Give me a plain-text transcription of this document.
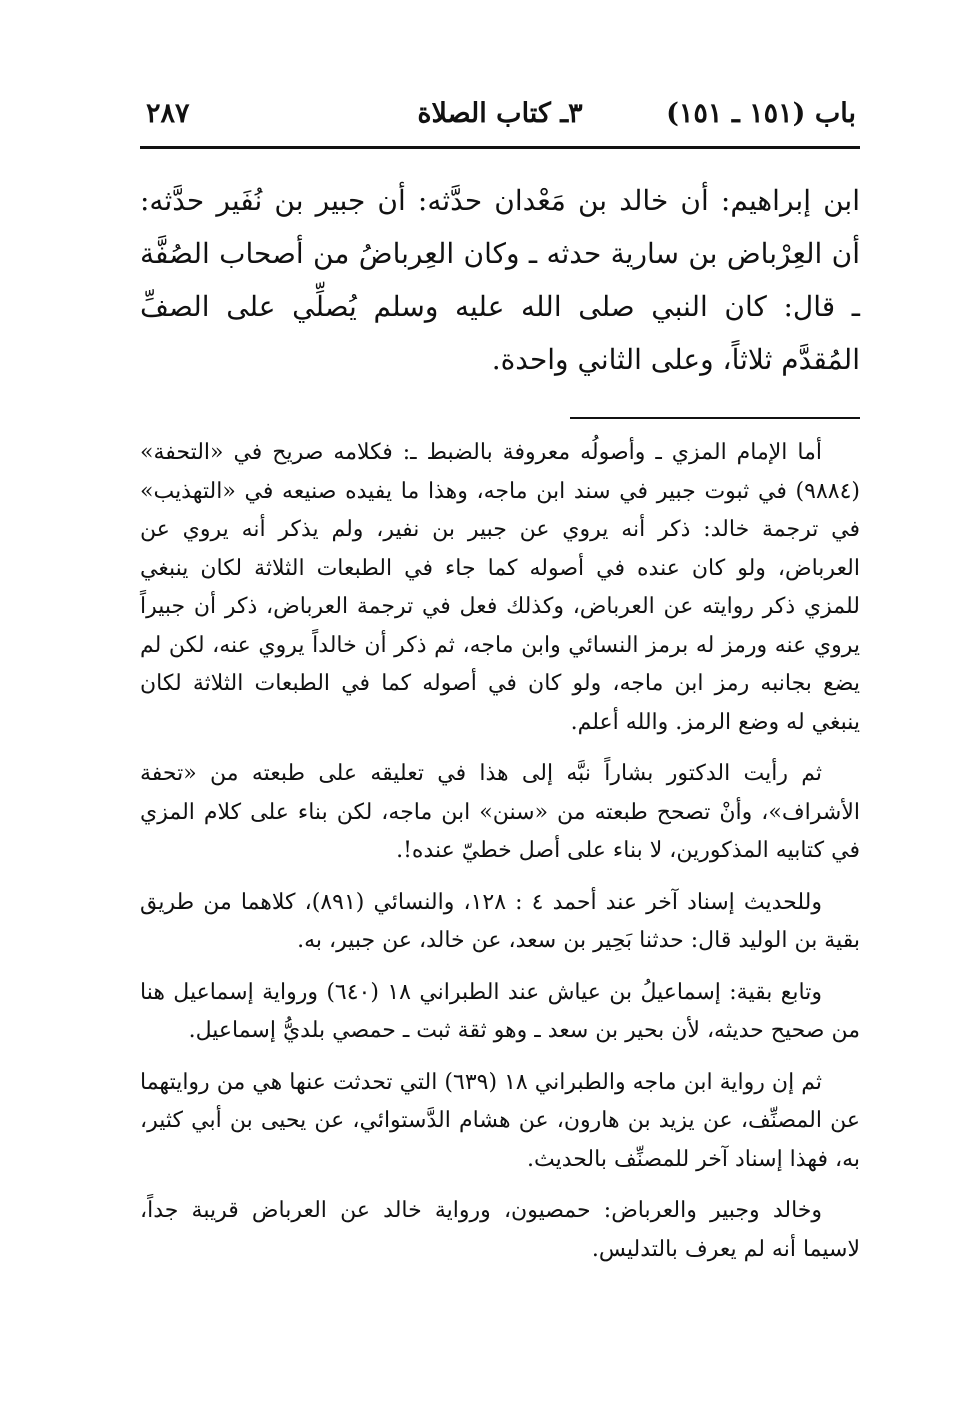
٢٨٧	٣ـ كتاب الصلاة	باب (١٥١ ـ ١٥١)

ابن إبراهيم: أن خالد بن مَعْدان حدَّثه: أن جبير بن نُفَير حدَّثه: أن العِرْباض بن سارية حدثه ـ وكان العِرباضُ من أصحاب الصُفَّة ـ قال: كان النبي صلى الله عليه وسلم يُصلِّي على الصفِّ المُقدَّم ثلاثاً، وعلى الثاني واحدة.

أما الإمام المزي ـ وأصولُه معروفة بالضبط ـ: فكلامه صريح في «التحفة» (٩٨٨٤) في ثبوت جبير في سند ابن ماجه، وهذا ما يفيده صنيعه في «التهذيب» في ترجمة خالد: ذكر أنه يروي عن جبير بن نفير، ولم يذكر أنه يروي عن العرباض، ولو كان عنده في أصوله كما جاء في الطبعات الثلاثة لكان ينبغي للمزي ذكر روايته عن العرباض، وكذلك فعل في ترجمة العرباض، ذكر أن جبيراً يروي عنه ورمز له برمز النسائي وابن ماجه، ثم ذكر أن خالداً يروي عنه، لكن لم يضع بجانبه رمز ابن ماجه، ولو كان في أصوله كما في الطبعات الثلاثة لكان ينبغي له وضع الرمز. والله أعلم.

ثم رأيت الدكتور بشاراً نبَّه إلى هذا في تعليقه على طبعته من «تحفة الأشراف»، وأنْ تصحح طبعته من «سنن» ابن ماجه، لكن بناء على كلام المزي في كتابيه المذكورين، لا بناء على أصل خطيّ عنده!.

وللحديث إسناد آخر عند أحمد ٤ : ١٢٨، والنسائي (٨٩١)، كلاهما من طريق بقية بن الوليد قال: حدثنا بَحِير بن سعد، عن خالد، عن جبير، به.

وتابع بقية: إسماعيلُ بن عياش عند الطبراني ١٨ (٦٤٠) ورواية إسماعيل هنا من صحيح حديثه، لأن بحير بن سعد ـ وهو ثقة ثبت ـ حمصي بلديُّ إسماعيل.

ثم إن رواية ابن ماجه والطبراني ١٨ (٦٣٩) التي تحدثت عنها هي من روايتهما عن المصنِّف، عن يزيد بن هارون، عن هشام الدَّستوائي، عن يحيى بن أبي كثير، به، فهذا إسناد آخر للمصنِّف بالحديث.

وخالد وجبير والعرباض: حمصيون، ورواية خالد عن العرباض قريبة جداً، لاسيما أنه لم يعرف بالتدليس.
